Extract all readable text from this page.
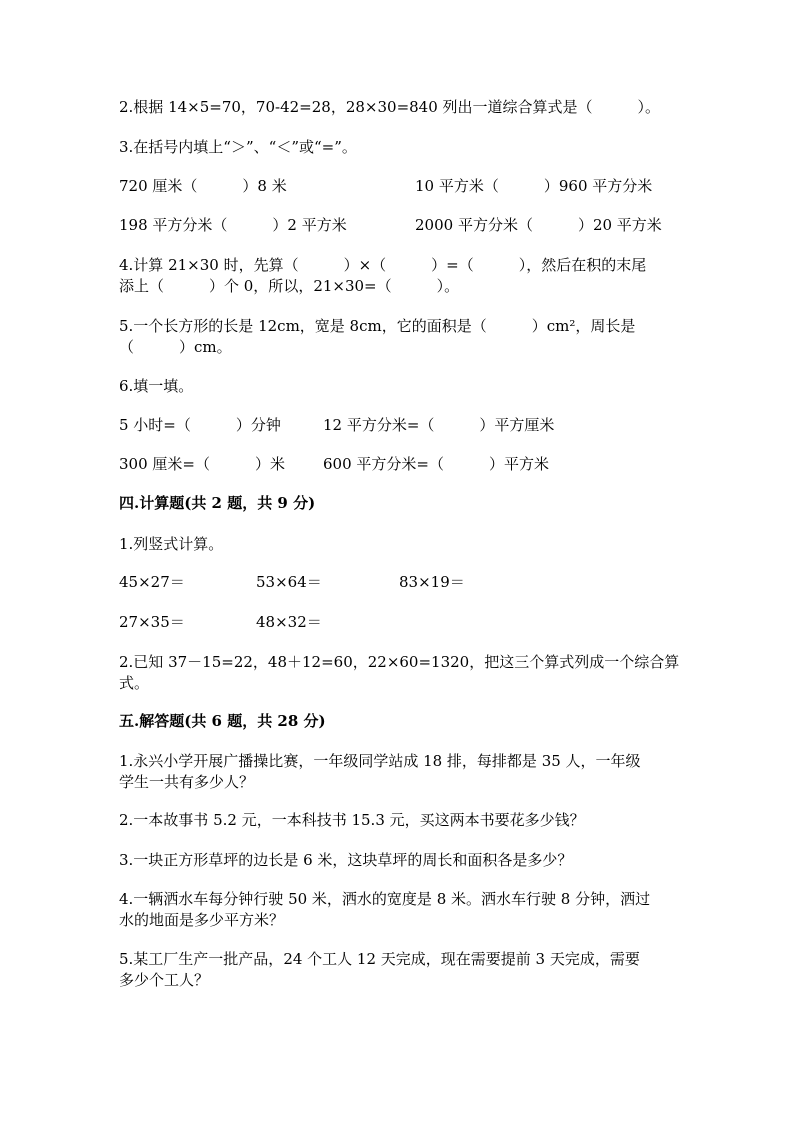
2.根据 14×5=70，70-42=28，28×30=840 列出一道综合算式是（　　　）。
3.在括号内填上“＞”、“＜”或“=”。
720 厘米（　　　）8 米	10 平方米（　　　）960 平方分米
198 平方分米（　　　）2 平方米	2000 平方分米（　　　）20 平方米
4.计算 21×30 时，先算（　　　）×（　　　）=（　　　），然后在积的末尾
添上（　　　）个 0，所以，21×30=（　　　）。
5.一个长方形的长是 12cm，宽是 8cm，它的面积是（　　　）cm²，周长是
（　　　）cm。
6.填一填。
5 小时=（　　　）分钟	12 平方分米=（　　　）平方厘米
300 厘米=（　　　）米	600 平方分米=（　　　）平方米
四.计算题(共 2 题，共 9 分)
1.列竖式计算。
45×27＝	53×64＝	83×19＝
27×35＝	48×32＝
2.已知 37－15=22，48＋12=60，22×60=1320，把这三个算式列成一个综合算
式。
五.解答题(共 6 题，共 28 分)
1.永兴小学开展广播操比赛，一年级同学站成 18 排，每排都是 35 人，一年级
学生一共有多少人？
2.一本故事书 5.2 元，一本科技书 15.3 元，买这两本书要花多少钱？
3.一块正方形草坪的边长是 6 米，这块草坪的周长和面积各是多少？
4.一辆洒水车每分钟行驶 50 米，洒水的宽度是 8 米。洒水车行驶 8 分钟，洒过
水的地面是多少平方米？
5.某工厂生产一批产品，24 个工人 12 天完成，现在需要提前 3 天完成，需要
多少个工人？
